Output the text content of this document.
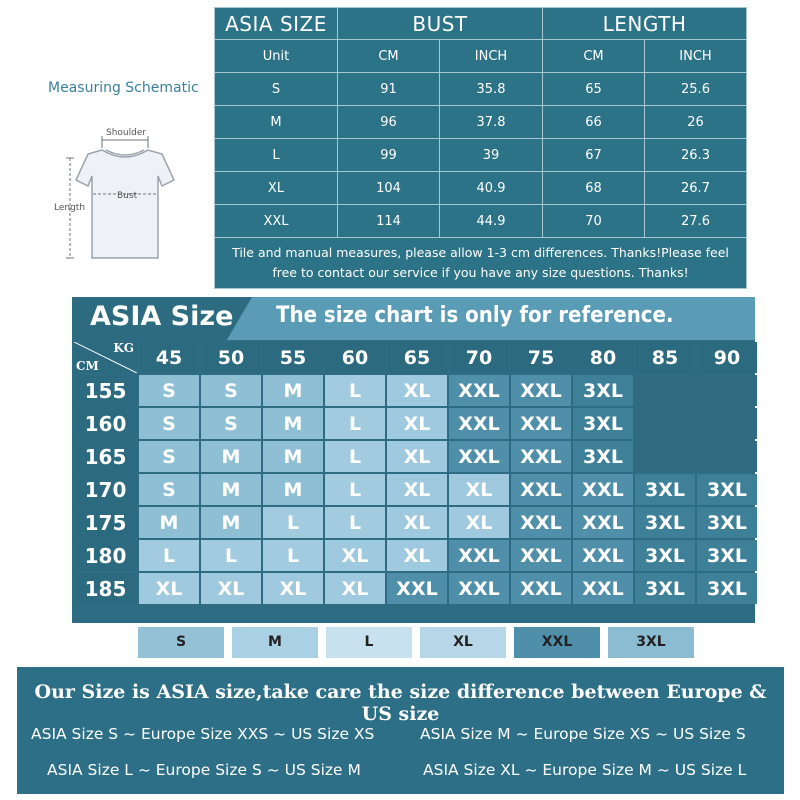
Measuring Schematic
Shoulder
Bust
Length
ASIA SIZE	BUST		LENGTH	
Unit	CM	INCH	CM	INCH
S	91	35.8	65	25.6
M	96	37.8	66	26
L	99	39	67	26.3
XL	104	40.9	68	26.7
XXL	114	44.9	70	27.6
Tile and manual measures, please allow 1-3 cm differences. Thanks!Please feel free to contact our service if you have any size questions. Thanks!				
ASIA Size The size chart is only for reference.
KG
CM	45	50	55	60	65	70	75	80	85	90
155	S	S	M	L	XL	XXL	XXL	3XL		
160	S	S	M	L	XL	XXL	XXL	3XL		
165	S	M	M	L	XL	XXL	XXL	3XL		
170	S	M	M	L	XL	XL	XXL	XXL	3XL	3XL
175	M	M	L	L	XL	XL	XXL	XXL	3XL	3XL
180	L	L	L	XL	XL	XXL	XXL	XXL	3XL	3XL
185	XL	XL	XL	XL	XXL	XXL	XXL	XXL	3XL	3XL
S	M	L	XL	XXL	3XL
Our Size is ASIA size,take care the size difference between Europe & US size
ASIA Size S ~ Europe Size XXS ~ US Size XS	ASIA Size M ~ Europe Size XS ~ US Size S
ASIA Size L ~ Europe Size S ~ US Size M	ASIA Size XL ~ Europe Size M ~ US Size L
